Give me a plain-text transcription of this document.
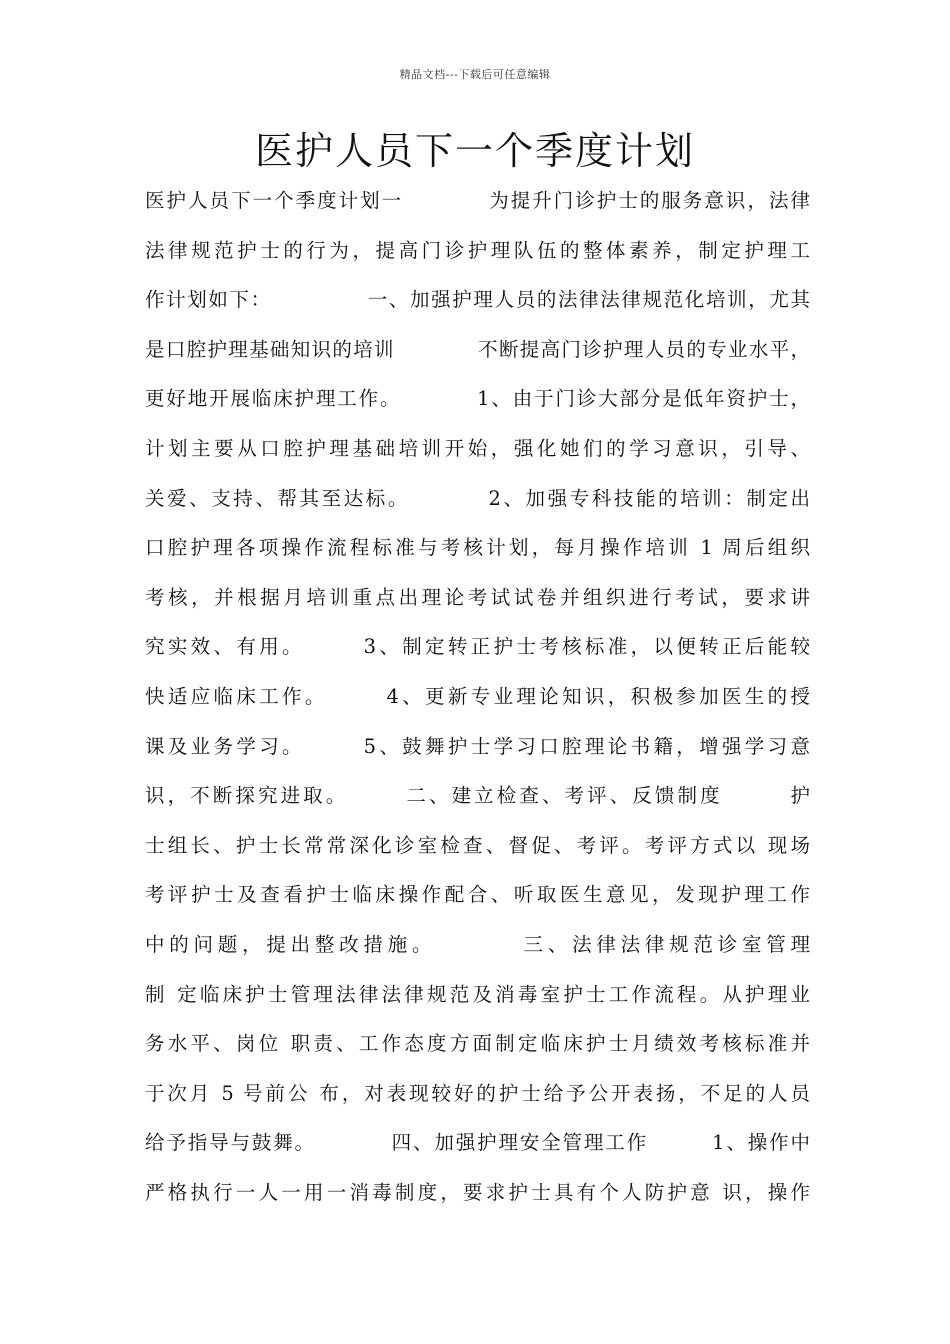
精品文档---下载后可任意编辑
医护人员下一个季度计划
医护人员下一个季度计划一　　　　为提升门诊护士的服务意识，法律
法律规范护士的行为，提高门诊护理队伍的整体素养，制定护理工
作计划如下：　　　　　一、加强护理人员的法律法律规范化培训，尤其
是口腔护理基础知识的培训　　　　不断提高门诊护理人员的专业水平，
更好地开展临床护理工作。　　　　1、由于门诊大部分是低年资护士，
计划主要从口腔护理基础培训开始，强化她们的学习意识，引导、
关爱、支持、帮其至达标。　　　　2、加强专科技能的培训：制定出
口腔护理各项操作流程标准与考核计划，每月操作培训 1 周后组织
考核，并根据月培训重点出理论考试试卷并组织进行考试，要求讲
究实效、有用。　　　3、制定转正护士考核标准，以便转正后能较
快适应临床工作。　　　4、更新专业理论知识，积极参加医生的授
课及业务学习。　　　5、鼓舞护士学习口腔理论书籍，增强学习意
识，不断探究进取。　　　二、建立检查、考评、反馈制度　　　护
士组长、护士长常常深化诊室检查、督促、考评。考评方式以 现场
考评护士及查看护士临床操作配合、听取医生意见，发现护理工作
中的问题，提出整改措施。　　　　三、法律法律规范诊室管理
制 定临床护士管理法律法律规范及消毒室护士工作流程。从护理业
务水平、岗位 职责、工作态度方面制定临床护士月绩效考核标准并
于次月 5 号前公 布，对表现较好的护士给予公开表扬，不足的人员
给予指导与鼓舞。　　　　四、加强护理安全管理工作　　　1、操作中
严格执行一人一用一消毒制度，要求护士具有个人防护意 识，操作
